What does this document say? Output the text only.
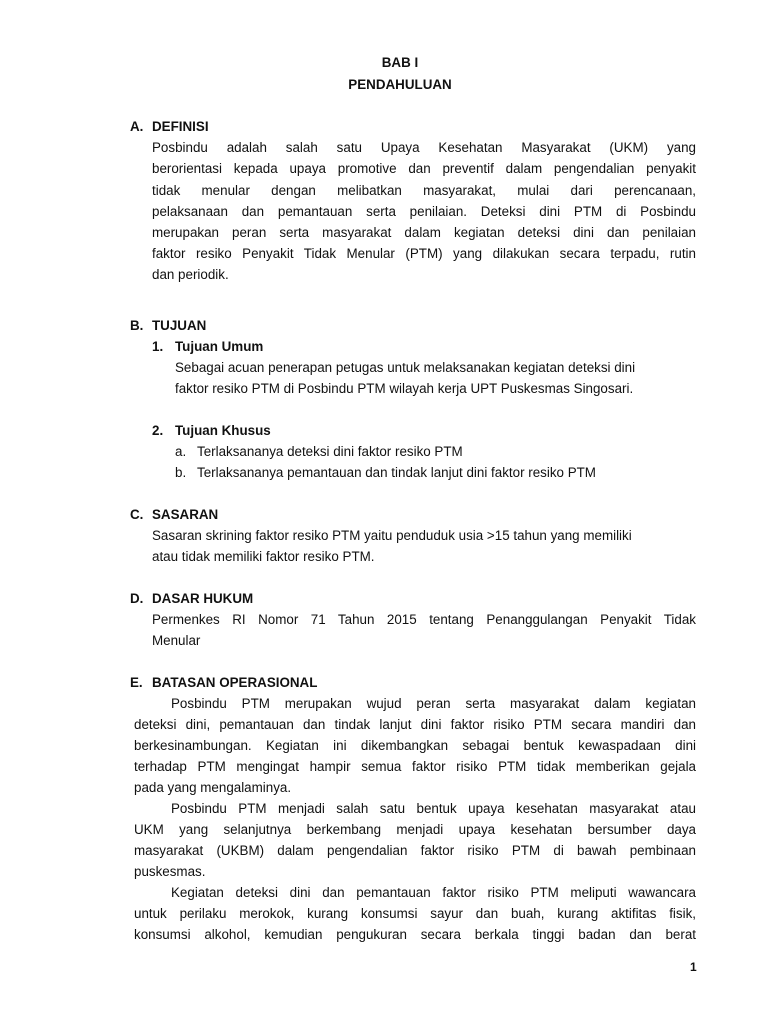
BAB I
PENDAHULUAN
A. DEFINISI
Posbindu adalah salah satu Upaya Kesehatan Masyarakat (UKM) yang
berorientasi kepada upaya promotive dan preventif dalam pengendalian penyakit
tidak menular dengan melibatkan masyarakat, mulai dari perencanaan,
pelaksanaan dan pemantauan serta penilaian. Deteksi dini PTM di Posbindu
merupakan peran serta masyarakat dalam kegiatan deteksi dini dan penilaian
faktor resiko Penyakit Tidak Menular (PTM) yang dilakukan secara terpadu, rutin
dan periodik.
B. TUJUAN
1. Tujuan Umum
Sebagai acuan penerapan petugas untuk melaksanakan kegiatan deteksi dini
faktor resiko PTM di Posbindu PTM wilayah kerja UPT Puskesmas Singosari.
2. Tujuan Khusus
a. Terlaksananya deteksi dini faktor resiko PTM
b. Terlaksananya pemantauan dan tindak lanjut dini faktor resiko PTM
C. SASARAN
Sasaran skrining faktor resiko PTM yaitu penduduk usia >15 tahun yang memiliki
atau tidak memiliki faktor resiko PTM.
D. DASAR HUKUM
Permenkes RI Nomor 71 Tahun 2015 tentang Penanggulangan Penyakit Tidak
Menular
E. BATASAN OPERASIONAL
Posbindu PTM merupakan wujud peran serta masyarakat dalam kegiatan
deteksi dini, pemantauan dan tindak lanjut dini faktor risiko PTM secara mandiri dan
berkesinambungan. Kegiatan ini dikembangkan sebagai bentuk kewaspadaan dini
terhadap PTM mengingat hampir semua faktor risiko PTM tidak memberikan gejala
pada yang mengalaminya.
Posbindu PTM menjadi salah satu bentuk upaya kesehatan masyarakat atau
UKM yang selanjutnya berkembang menjadi upaya kesehatan bersumber daya
masyarakat (UKBM) dalam pengendalian faktor risiko PTM di bawah pembinaan
puskesmas.
Kegiatan deteksi dini dan pemantauan faktor risiko PTM meliputi wawancara
untuk perilaku merokok, kurang konsumsi sayur dan buah, kurang aktifitas fisik,
konsumsi alkohol, kemudian pengukuran secara berkala tinggi badan dan berat
1
